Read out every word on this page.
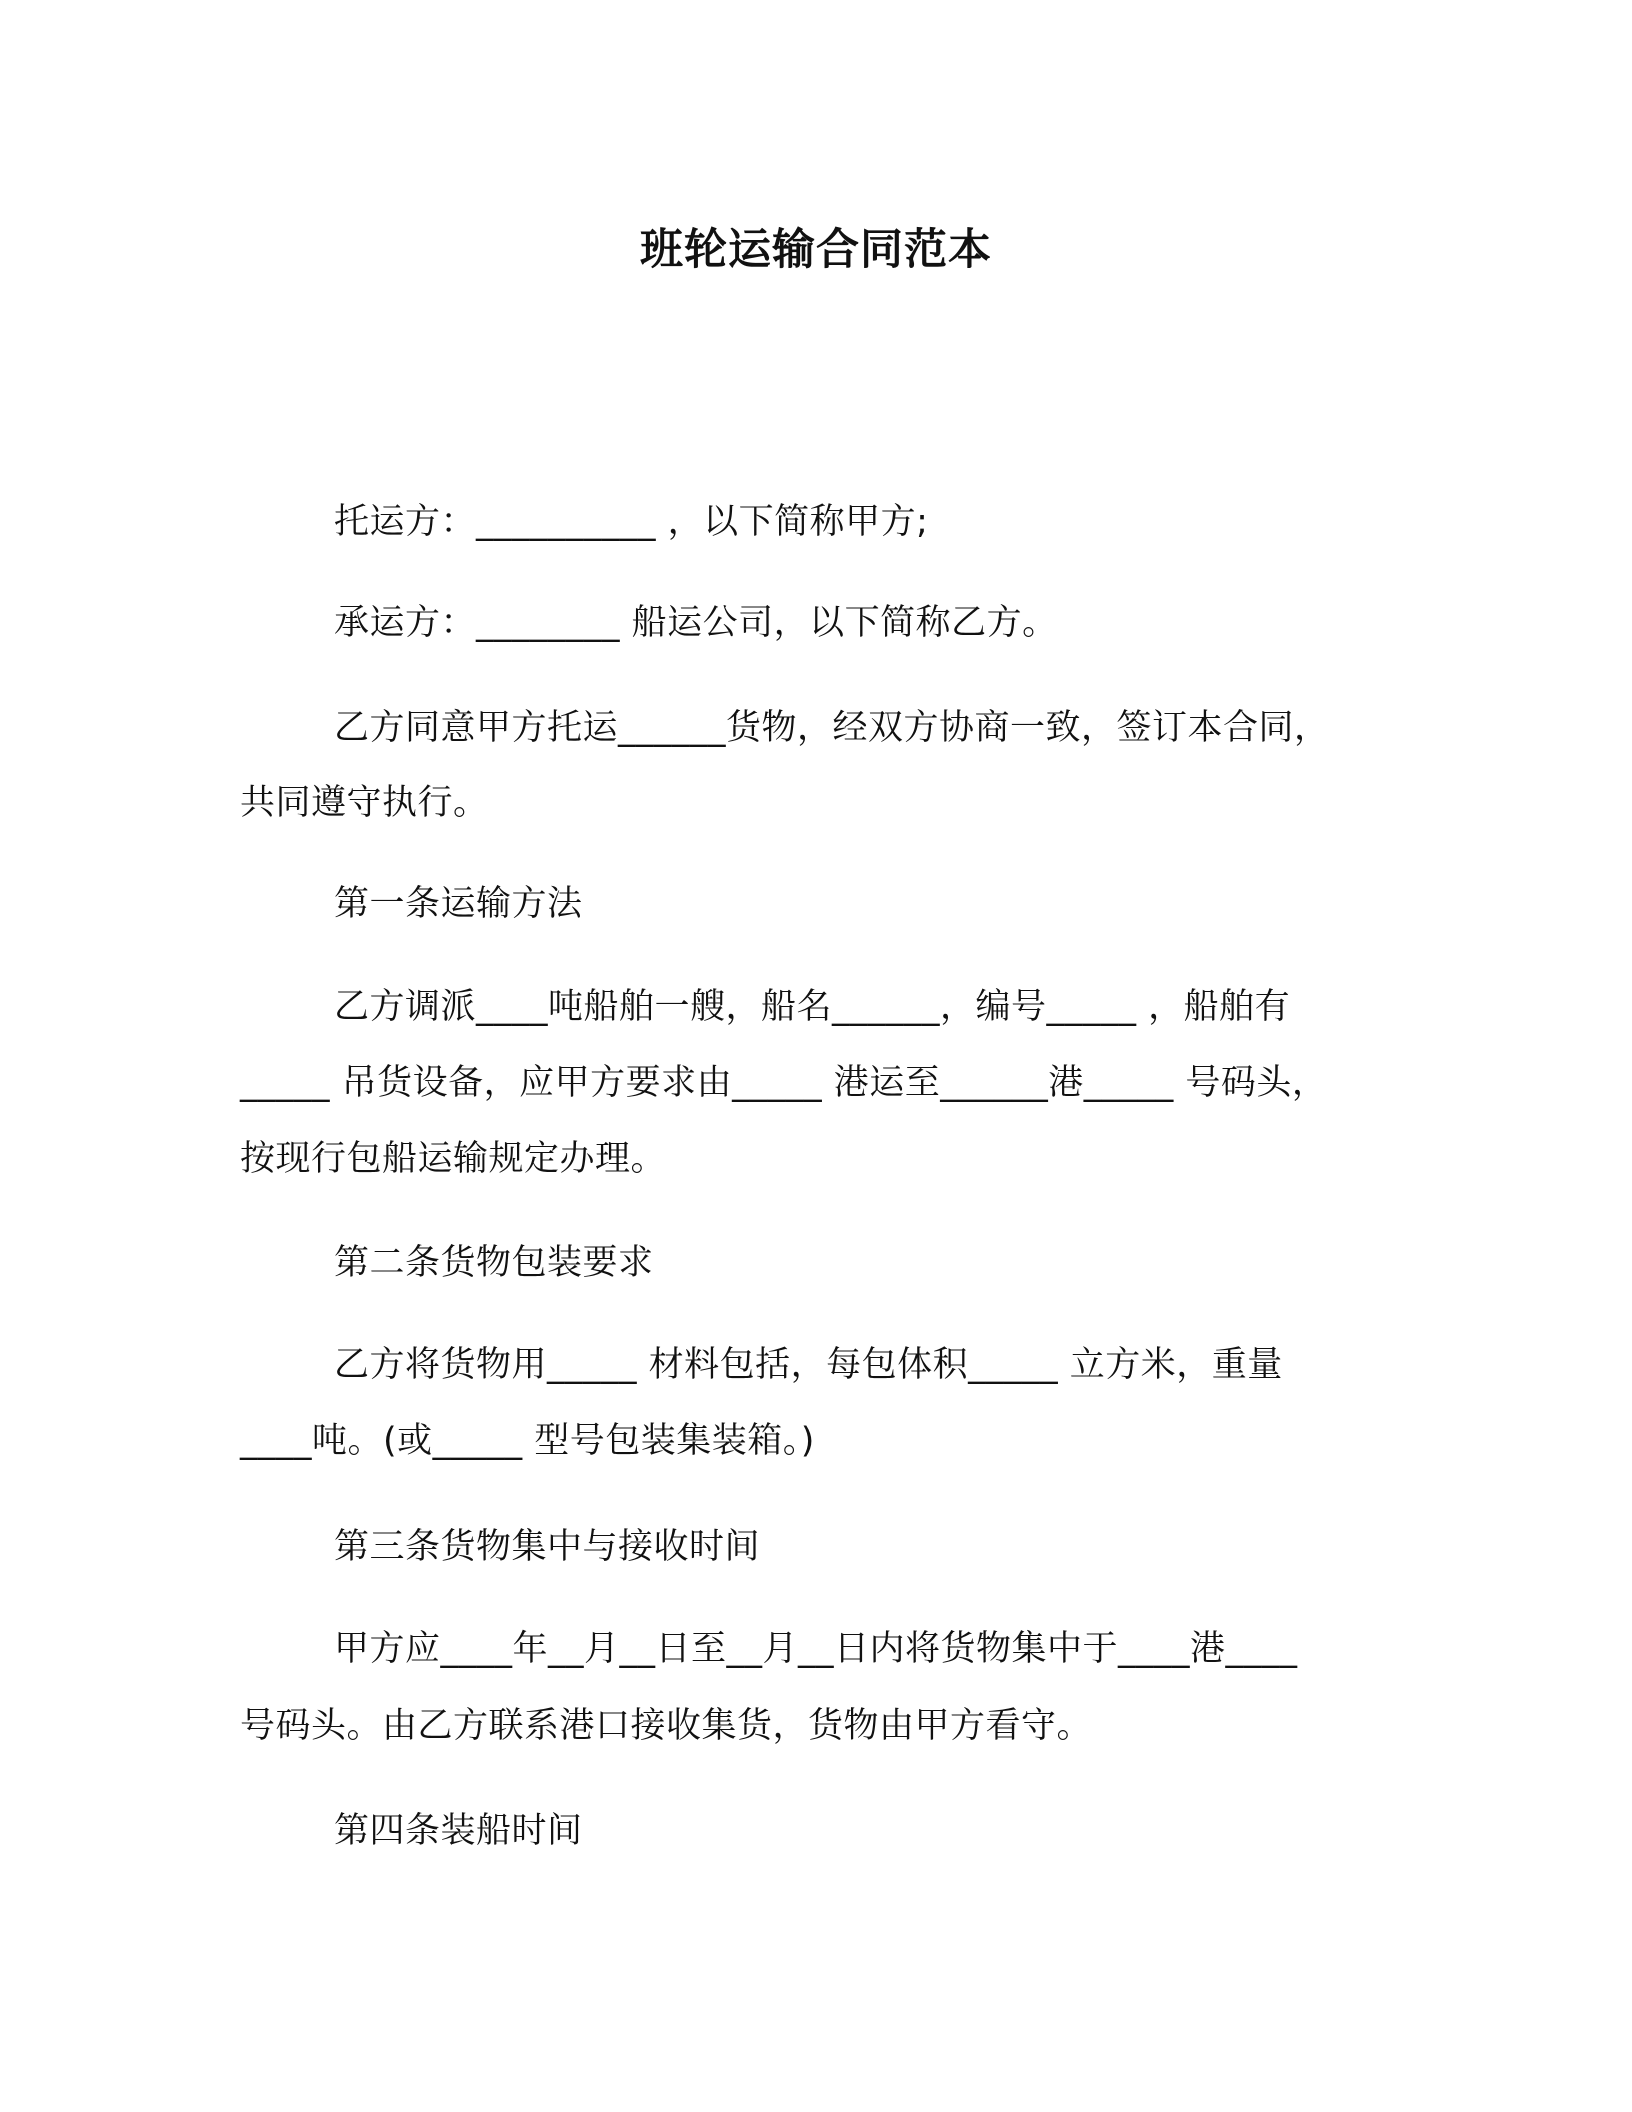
班轮运输合同范本
托运方：__________ ，以下简称甲方;
承运方：________ 船运公司，以下简称乙方。
乙方同意甲方托运______货物，经双方协商一致，签订本合同，
共同遵守执行。
第一条运输方法
乙方调派____吨船舶一艘，船名______，编号_____ ，船舶有
_____ 吊货设备，应甲方要求由_____ 港运至______港_____ 号码头，
按现行包船运输规定办理。
第二条货物包装要求
乙方将货物用_____ 材料包括，每包体积_____ 立方米，重量
____吨。(或_____ 型号包装集装箱。)
第三条货物集中与接收时间
甲方应____年__月__日至__月__日内将货物集中于____港____
号码头。由乙方联系港口接收集货，货物由甲方看守。
第四条装船时间
